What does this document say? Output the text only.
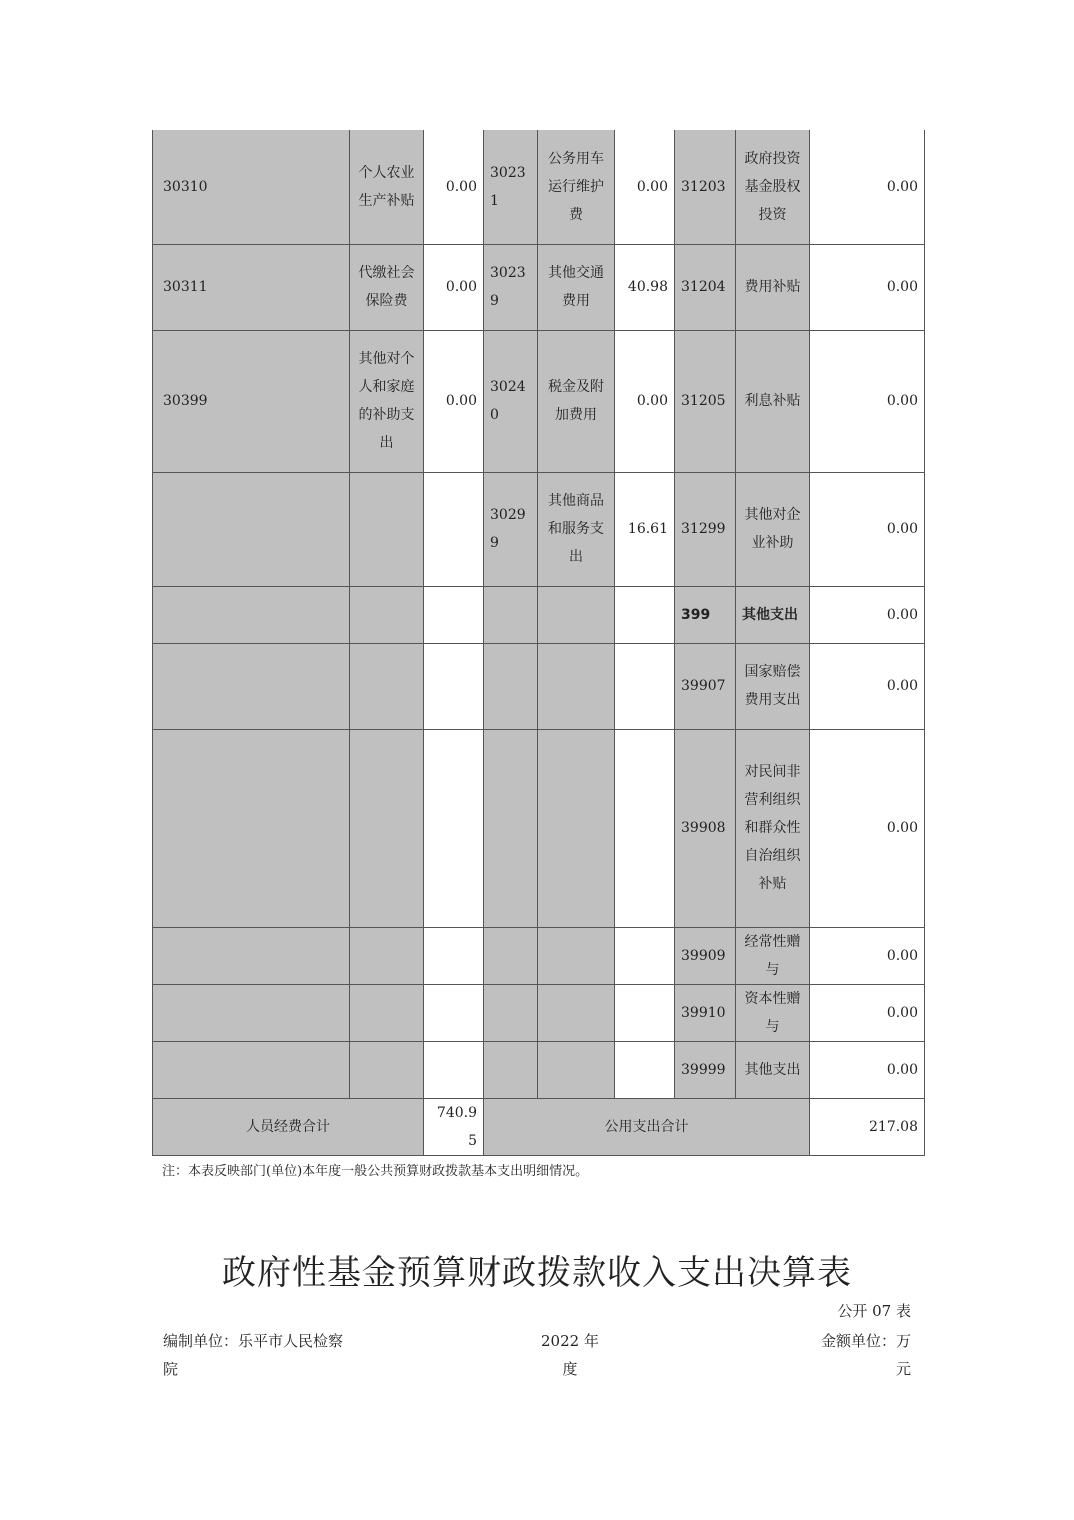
30310	个人农业生产补贴	0.00	30231	公务用车运行维护费	0.00	31203	政府投资基金股权投资	0.00
30311	代缴社会保险费	0.00	30239	其他交通费用	40.98	31204	费用补贴	0.00
30399	其他对个人和家庭的补助支出	0.00	30240	税金及附加费用	0.00	31205	利息补贴	0.00
			30299	其他商品和服务支出	16.61	31299	其他对企业补助	0.00
						399	其他支出	0.00
						39907	国家赔偿费用支出	0.00
						39908	对民间非营利组织和群众性自治组织补贴	0.00
						39909	经常性赠与	0.00
						39910	资本性赠与	0.00
						39999	其他支出	0.00
人员经费合计		740.95	公用支出合计					217.08
注：本表反映部门(单位)本年度一般公共预算财政拨款基本支出明细情况。
政府性基金预算财政拨款收入支出决算表
公开 07 表
编制单位：乐平市人民检察院
2022 年度
金额单位：万元
